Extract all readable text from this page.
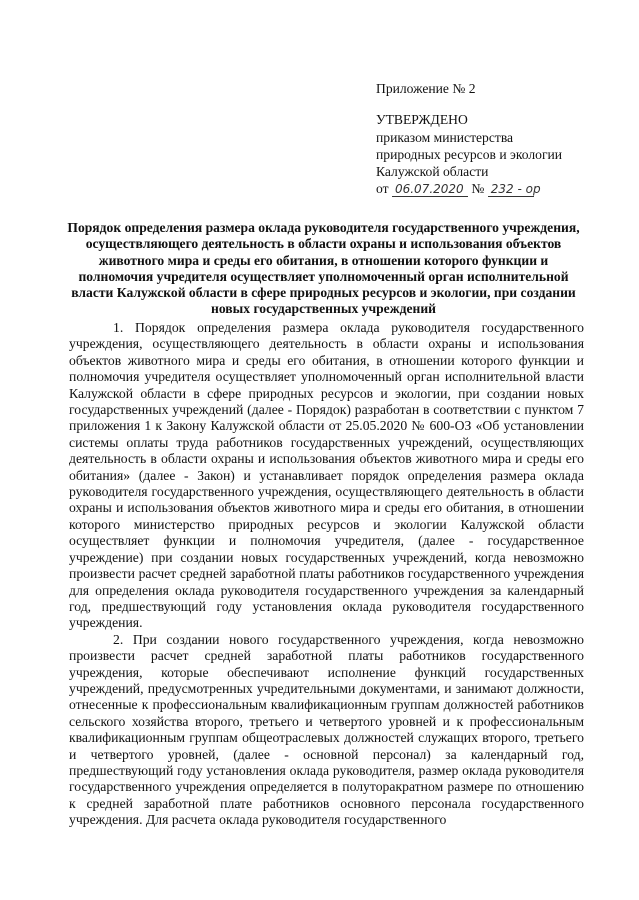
Приложение № 2
УТВЕРЖДЕНО
приказом министерства
природных ресурсов и экологии
Калужской области
от 06.07.2020 № 232 - ор
Порядок определения размера оклада руководителя государственного учреждения, осуществляющего деятельность в области охраны и использования объектов животного мира и среды его обитания, в отношении которого функции и полномочия учредителя осуществляет уполномоченный орган исполнительной власти Калужской области в сфере природных ресурсов и экологии, при создании новых государственных учреждений

1. Порядок определения размера оклада руководителя государственного учреждения, осуществляющего деятельность в области охраны и использования объектов животного мира и среды его обитания, в отношении которого функции и полномочия учредителя осуществляет уполномоченный орган исполнительной власти Калужской области в сфере природных ресурсов и экологии, при создании новых государственных учреждений (далее - Порядок) разработан в соответствии с пунктом 7 приложения 1 к Закону Калужской области от 25.05.2020 № 600-ОЗ «Об установлении системы оплаты труда работников государственных учреждений, осуществляющих деятельность в области охраны и использования объектов животного мира и среды его обитания» (далее - Закон) и устанавливает порядок определения размера оклада руководителя государственного учреждения, осуществляющего деятельность в области охраны и использования объектов животного мира и среды его обитания, в отношении которого министерство природных ресурсов и экологии Калужской области осуществляет функции и полномочия учредителя, (далее - государственное учреждение) при создании новых государственных учреждений, когда невозможно произвести расчет средней заработной платы работников государственного учреждения для определения оклада руководителя государственного учреждения за календарный год, предшествующий году установления оклада руководителя государственного учреждения.

2. При создании нового государственного учреждения, когда невозможно произвести расчет средней заработной платы работников государственного учреждения, которые обеспечивают исполнение функций государственных учреждений, предусмотренных учредительными документами, и занимают должности, отнесенные к профессиональным квалификационным группам должностей работников сельского хозяйства второго, третьего и четвертого уровней и к профессиональным квалификационным группам общеотраслевых должностей служащих второго, третьего и четвертого уровней, (далее - основной персонал) за календарный год, предшествующий году установления оклада руководителя, размер оклада руководителя государственного учреждения определяется в полуторакратном размере по отношению к средней заработной плате работников основного персонала государственного учреждения. Для расчета оклада руководителя государственного
